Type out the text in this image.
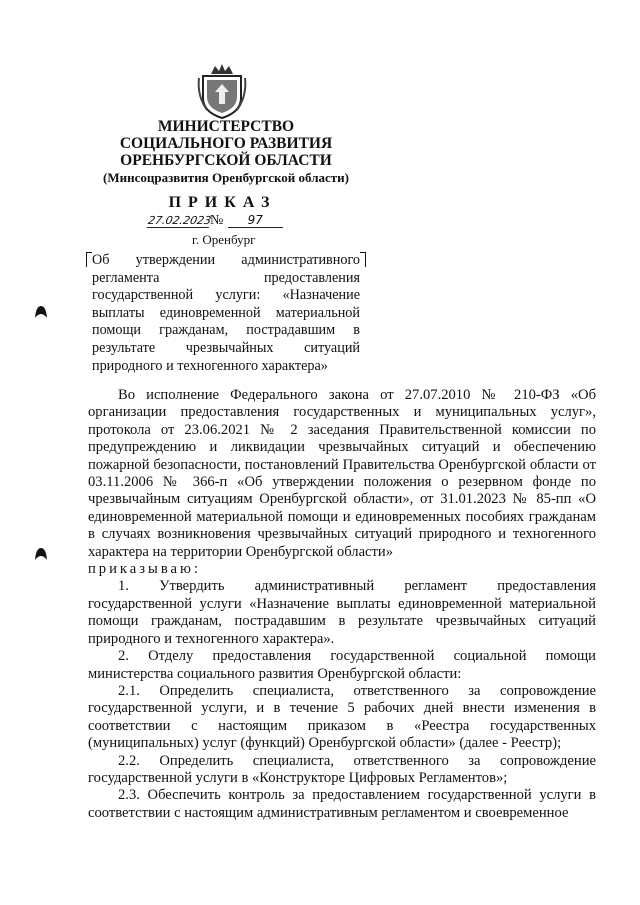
МИНИСТЕРСТВО
СОЦИАЛЬНОГО РАЗВИТИЯ
ОРЕНБУРГСКОЙ ОБЛАСТИ
(Минсоцразвития Оренбургской области)
ПРИКАЗ
27.02.2023№ 97
г. Оренбург
Об утверждении административного регламента предоставления государственной услуги: «Назначение выплаты единовременной материальной помощи гражданам, пострадавшим в результате чрезвычайных ситуаций природного и техногенного характера»

Во исполнение Федерального закона от 27.07.2010 № 210-ФЗ «Об организации предоставления государственных и муниципальных услуг», протокола от 23.06.2021 № 2 заседания Правительственной комиссии по предупреждению и ликвидации чрезвычайных ситуаций и обеспечению пожарной безопасности, постановлений Правительства Оренбургской области от 03.11.2006 № 366-п «Об утверждении положения о резервном фонде по чрезвычайным ситуациям Оренбургской области», от 31.01.2023 № 85-пп «О единовременной материальной помощи и единовременных пособиях гражданам в случаях возникновения чрезвычайных ситуаций природного и техногенного характера на территории Оренбургской области»

приказываю:

1. Утвердить административный регламент предоставления государственной услуги «Назначение выплаты единовременной материальной помощи гражданам, пострадавшим в результате чрезвычайных ситуаций природного и техногенного характера».

2. Отделу предоставления государственной социальной помощи министерства социального развития Оренбургской области:

2.1. Определить специалиста, ответственного за сопровождение государственной услуги, и в течение 5 рабочих дней внести изменения в соответствии с настоящим приказом в «Реестра государственных (муниципальных) услуг (функций) Оренбургской области» (далее - Реестр);

2.2. Определить специалиста, ответственного за сопровождение государственной услуги в «Конструкторе Цифровых Регламентов»;

2.3. Обеспечить контроль за предоставлением государственной услуги в соответствии с настоящим административным регламентом и своевременное
